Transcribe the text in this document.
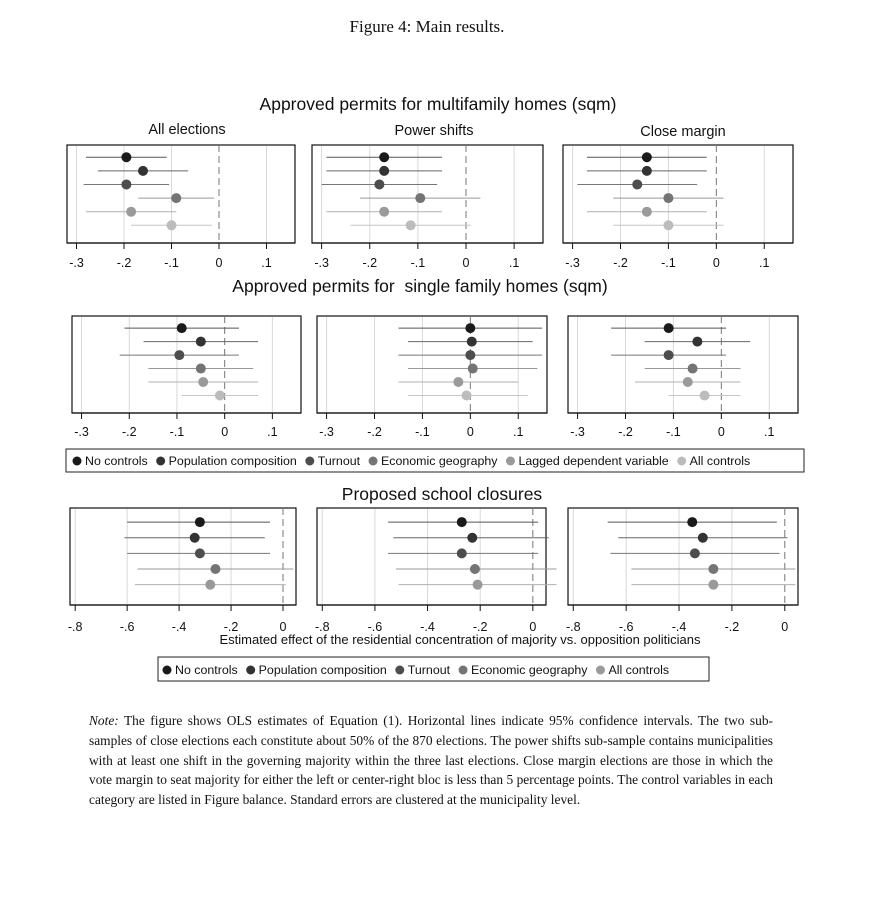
Figure 4: Main results.
Approved permits for multifamily homes (sqm)
Approved permits for  single family homes (sqm)
Proposed school closures
All elections	Power shifts	Close margin
-.3	-.2	-.1	0	.1	-.3	-.2	-.1	0	.1	-.3	-.2	-.1	0	.1
-.3	-.2	-.1	0	.1	-.3	-.2	-.1	0	.1	-.3	-.2	-.1	0	.1
-.8	-.6	-.4	-.2	0 -.8	-.6	-.4	-.2	0 -.8	-.6	-.4	-.2	0
No controls Population composition Turnout Economic geography Lagged dependent variable All controls
Estimated effect of the residential concentration of majority vs. opposition politicians
No controls Population composition Turnout Economic geography All controls

Note: The figure shows OLS estimates of Equation (1). Horizontal lines indicate 95% confidence intervals. The two sub-samples of close elections each constitute about 50% of the 870 elections. The power shifts sub-sample contains municipalities with at least one shift in the governing majority within the three last elections. Close margin elections are those in which the vote margin to seat majority for either the left or center-right bloc is less than 5 percentage points. The control variables in each category are listed in Figure balance. Standard errors are clustered at the municipality level.
